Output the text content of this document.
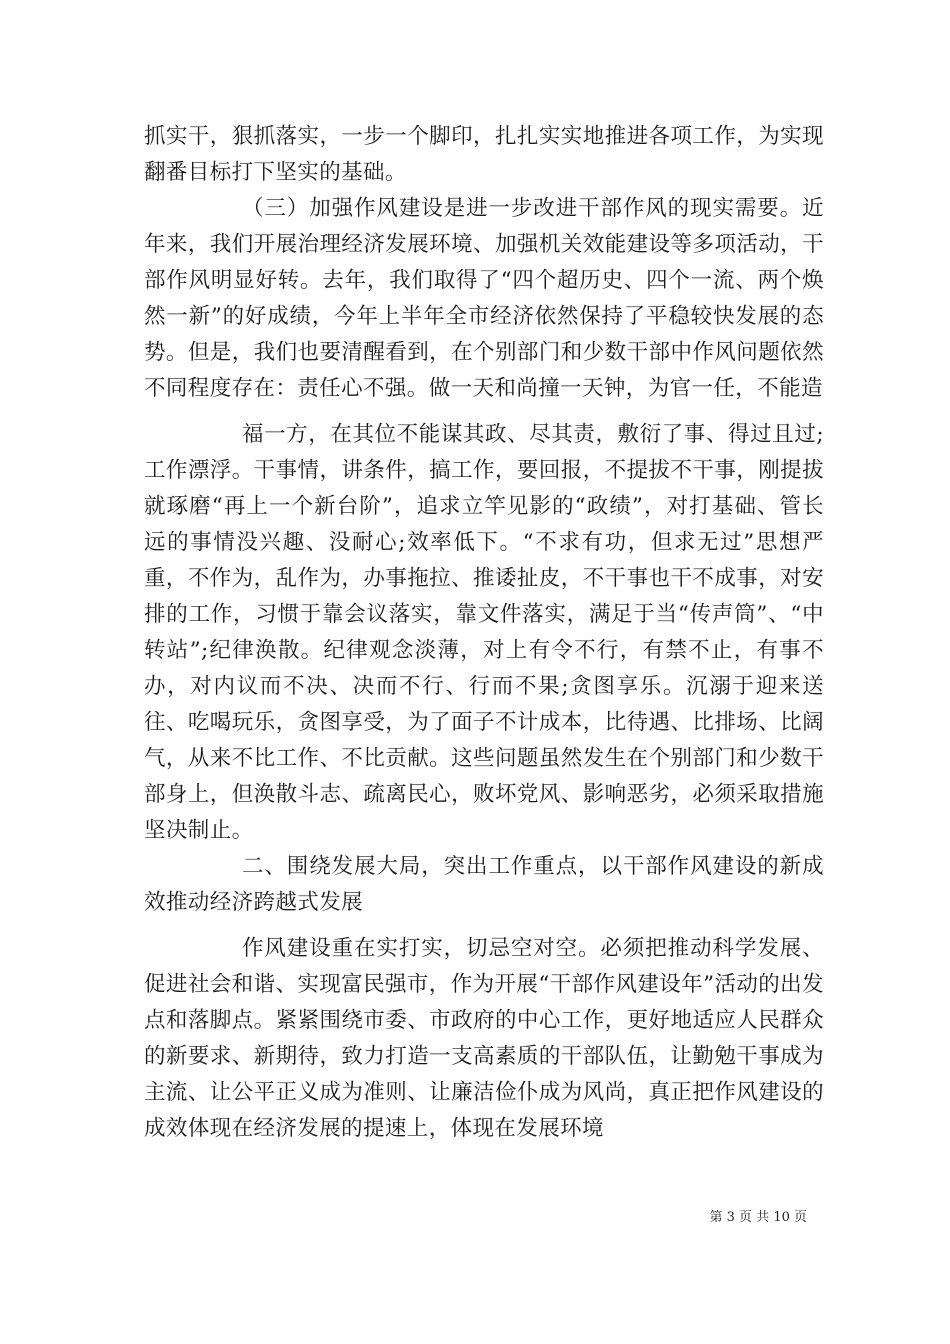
抓实干，狠抓落实，一步一个脚印，扎扎实实地推进各项工作，为实现翻番目标打下坚实的基础。

（三）加强作风建设是进一步改进干部作风的现实需要。近年来，我们开展治理经济发展环境、加强机关效能建设等多项活动，干部作风明显好转。去年，我们取得了“四个超历史、四个一流、两个焕然一新”的好成绩，今年上半年全市经济依然保持了平稳较快发展的态势。但是，我们也要清醒看到，在个别部门和少数干部中作风问题依然不同程度存在：责任心不强。做一天和尚撞一天钟，为官一任，不能造

福一方，在其位不能谋其政、尽其责，敷衍了事、得过且过;工作漂浮。干事情，讲条件，搞工作，要回报，不提拔不干事，刚提拔就琢磨“再上一个新台阶”，追求立竿见影的“政绩”，对打基础、管长远的事情没兴趣、没耐心;效率低下。“不求有功，但求无过”思想严重，不作为，乱作为，办事拖拉、推诿扯皮，不干事也干不成事，对安排的工作，习惯于靠会议落实，靠文件落实，满足于当“传声筒”、“中转站”;纪律涣散。纪律观念淡薄，对上有令不行，有禁不止，有事不办，对内议而不决、决而不行、行而不果;贪图享乐。沉溺于迎来送往、吃喝玩乐，贪图享受，为了面子不计成本，比待遇、比排场、比阔气，从来不比工作、不比贡献。这些问题虽然发生在个别部门和少数干部身上，但涣散斗志、疏离民心，败坏党风、影响恶劣，必须采取措施坚决制止。

二、围绕发展大局，突出工作重点，以干部作风建设的新成效推动经济跨越式发展

作风建设重在实打实，切忌空对空。必须把推动科学发展、促进社会和谐、实现富民强市，作为开展“干部作风建设年”活动的出发点和落脚点。紧紧围绕市委、市政府的中心工作，更好地适应人民群众的新要求、新期待，致力打造一支高素质的干部队伍，让勤勉干事成为主流、让公平正义成为准则、让廉洁俭仆成为风尚，真正把作风建设的成效体现在经济发展的提速上，体现在发展环境

第 3 页 共 10 页
